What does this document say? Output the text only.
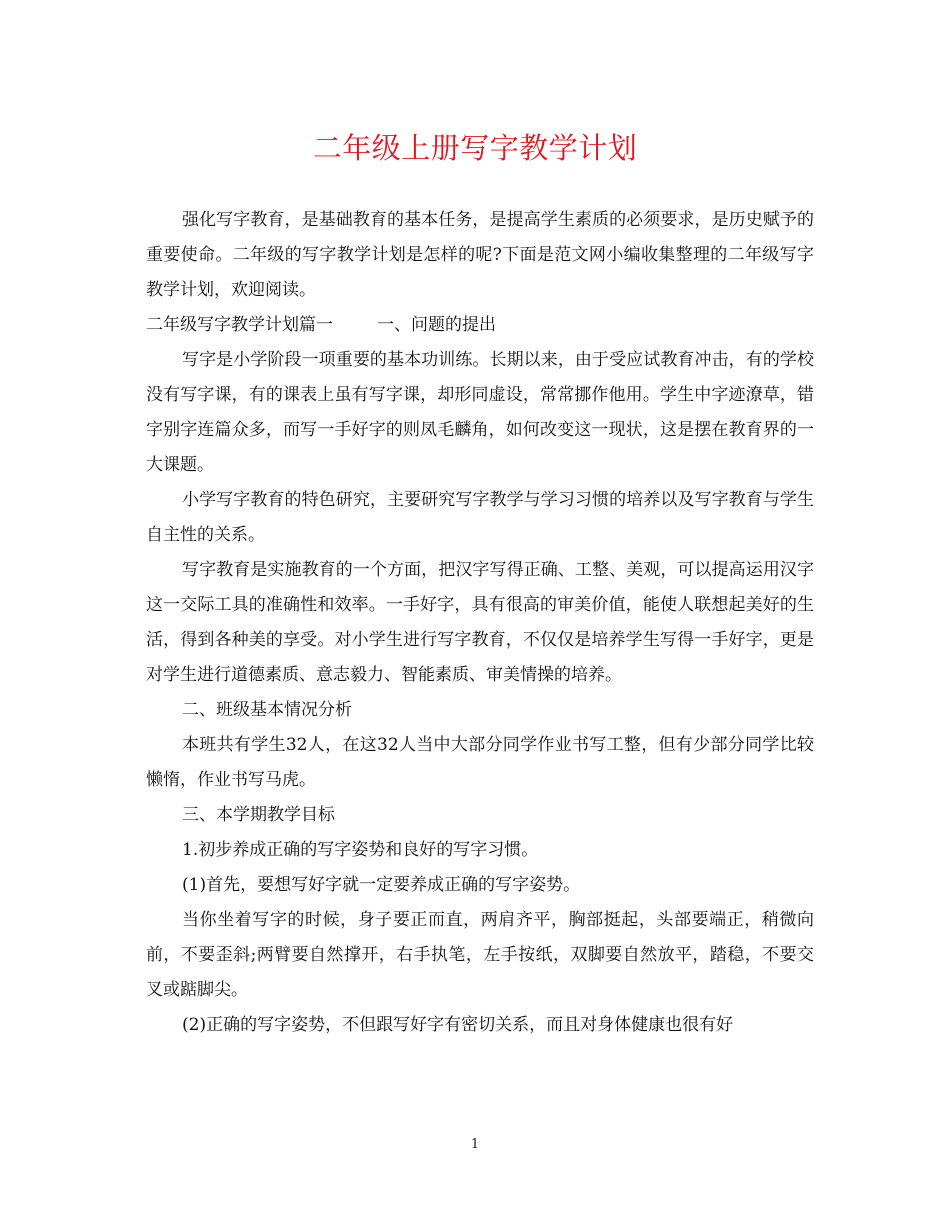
二年级上册写字教学计划

强化写字教育，是基础教育的基本任务，是提高学生素质的必须要求，是历史赋予的重要使命。二年级的写字教学计划是怎样的呢?下面是范文网小编收集整理的二年级写字教学计划，欢迎阅读。

二年级写字教学计划篇一	一、问题的提出

写字是小学阶段一项重要的基本功训练。长期以来，由于受应试教育冲击，有的学校没有写字课，有的课表上虽有写字课，却形同虚设，常常挪作他用。学生中字迹潦草，错字别字连篇众多，而写一手好字的则凤毛麟角，如何改变这一现状，这是摆在教育界的一大课题。

小学写字教育的特色研究，主要研究写字教学与学习习惯的培养以及写字教育与学生自主性的关系。

写字教育是实施教育的一个方面，把汉字写得正确、工整、美观，可以提高运用汉字这一交际工具的准确性和效率。一手好字，具有很高的审美价值，能使人联想起美好的生活，得到各种美的享受。对小学生进行写字教育，不仅仅是培养学生写得一手好字，更是对学生进行道德素质、意志毅力、智能素质、审美情操的培养。

二、班级基本情况分析

本班共有学生32人，在这32人当中大部分同学作业书写工整，但有少部分同学比较懒惰，作业书写马虎。

三、本学期教学目标

1.初步养成正确的写字姿势和良好的写字习惯。

(1)首先，要想写好字就一定要养成正确的写字姿势。

当你坐着写字的时候，身子要正而直，两肩齐平，胸部挺起，头部要端正，稍微向前，不要歪斜;两臂要自然撑开，右手执笔，左手按纸，双脚要自然放平，踏稳，不要交叉或踮脚尖。

(2)正确的写字姿势，不但跟写好字有密切关系，而且对身体健康也很有好

1
